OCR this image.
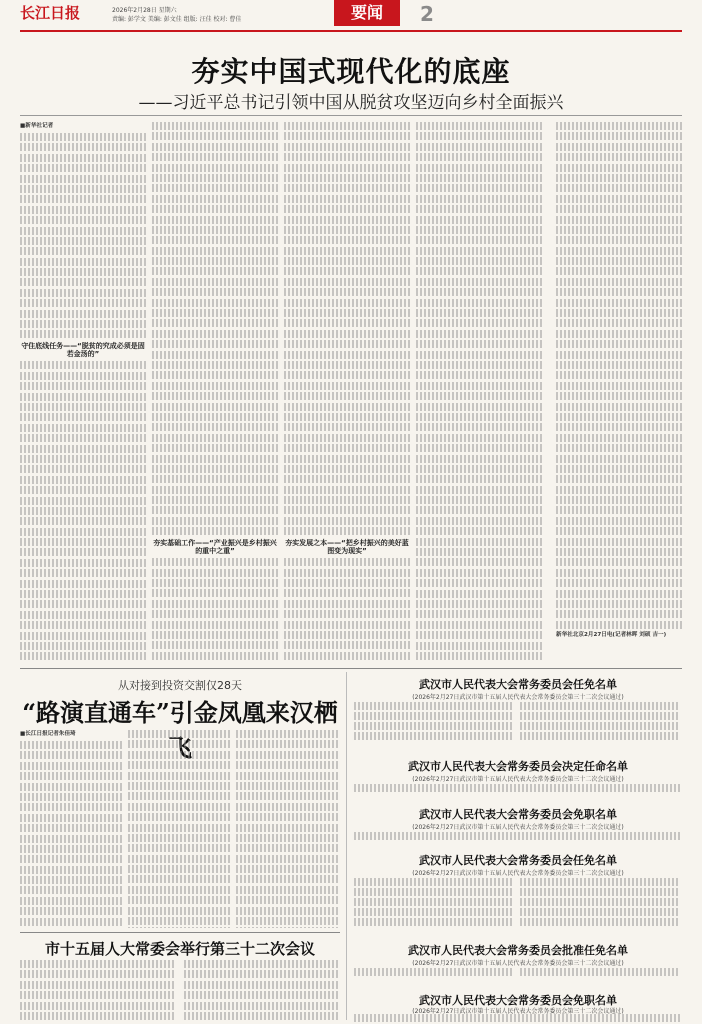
长江日报	2026年2月28日 星期六
责编: 彭学文 美编: 彭文佳 组版: 汪佳 校对: 曹佳	要闻	2
夯实中国式现代化的底座
——习近平总书记引领中国从脱贫攻坚迈向乡村全面振兴
■新华社记者
守住底线任务——“脱贫的究成必须是固若金汤的”
夯实基础工作——“产业振兴是乡村振兴的重中之重”
夯实发展之本——“把乡村振兴的美好蓝图变为现实”
新华社北京2月27日电(记者林晖 刘硕 吉一)
从对接到投资交割仅28天
“路演直通车”引金凤凰来汉栖飞
■长江日报记者朱佳琦
市十五届人大常委会举行第三十二次会议
武汉市人民代表大会常务委员会任免名单
(2026年2月27日武汉市第十五届人民代表大会常务委员会第三十二次会议通过)
武汉市人民代表大会常务委员会决定任命名单
(2026年2月27日武汉市第十五届人民代表大会常务委员会第三十二次会议通过)
武汉市人民代表大会常务委员会免职名单
(2026年2月27日武汉市第十五届人民代表大会常务委员会第三十二次会议通过)
武汉市人民代表大会常务委员会任免名单
(2026年2月27日武汉市第十五届人民代表大会常务委员会第三十二次会议通过)
武汉市人民代表大会常务委员会批准任免名单
(2026年2月27日武汉市第十五届人民代表大会常务委员会第三十二次会议通过)
武汉市人民代表大会常务委员会免职名单
(2026年2月27日武汉市第十五届人民代表大会常务委员会第三十二次会议通过)
